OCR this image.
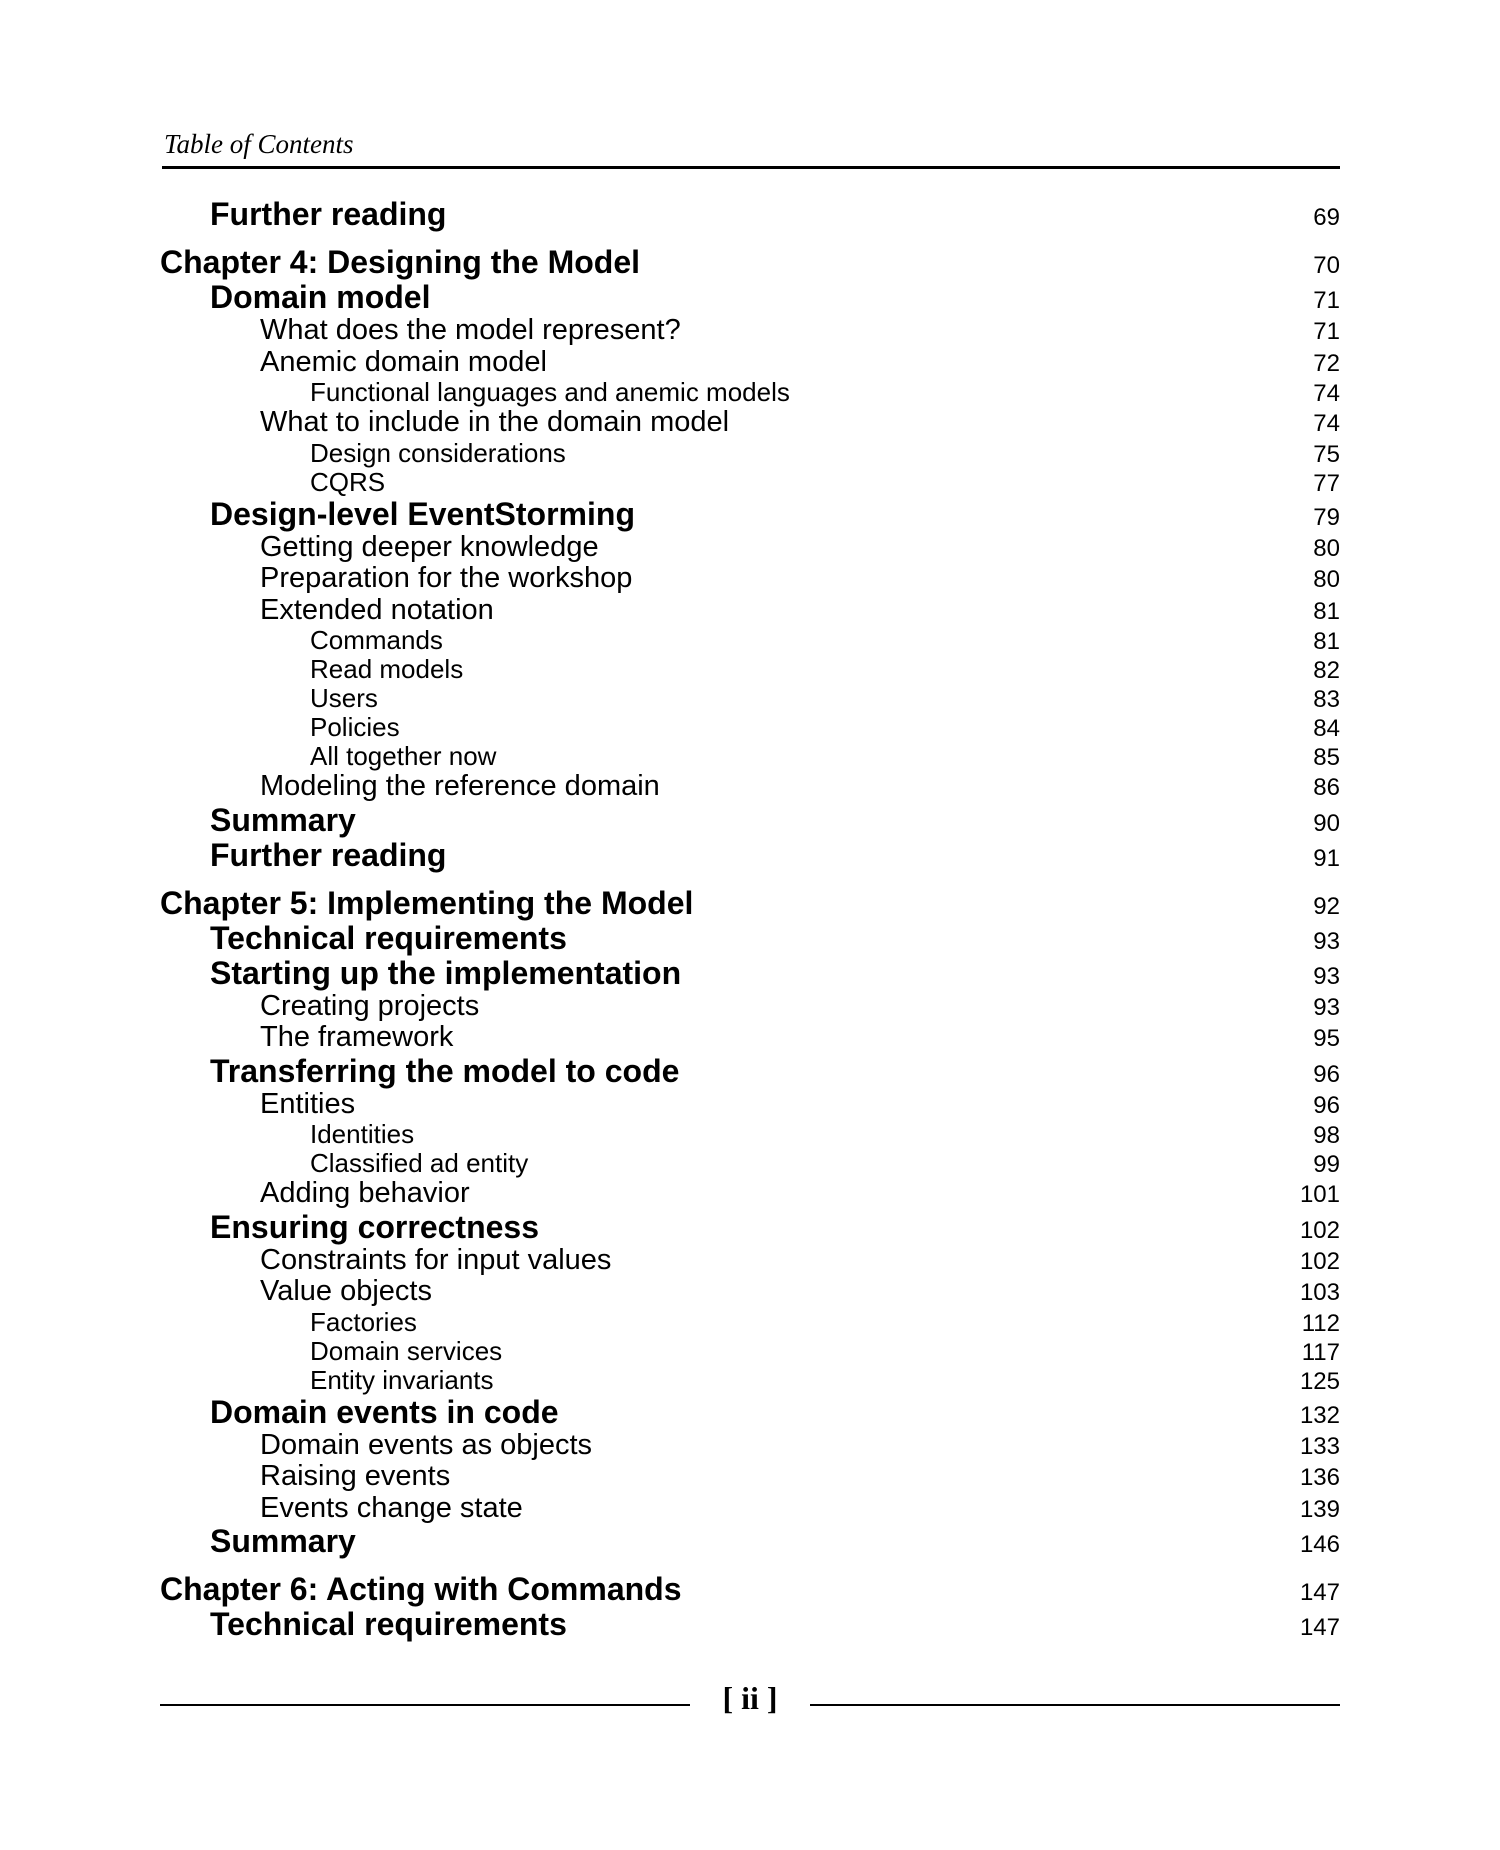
Table of Contents
Further reading	69
Chapter 4: Designing the Model	70
Domain model	71
What does the model represent?	71
Anemic domain model	72
Functional languages and anemic models	74
What to include in the domain model	74
Design considerations	75
CQRS	77
Design-level EventStorming	79
Getting deeper knowledge	80
Preparation for the workshop	80
Extended notation	81
Commands	81
Read models	82
Users	83
Policies	84
All together now	85
Modeling the reference domain	86
Summary	90
Further reading	91
Chapter 5: Implementing the Model	92
Technical requirements	93
Starting up the implementation	93
Creating projects	93
The framework	95
Transferring the model to code	96
Entities	96
Identities	98
Classified ad entity	99
Adding behavior	101
Ensuring correctness	102
Constraints for input values	102
Value objects	103
Factories	112
Domain services	117
Entity invariants	125
Domain events in code	132
Domain events as objects	133
Raising events	136
Events change state	139
Summary	146
Chapter 6: Acting with Commands	147
Technical requirements	147
[ ii ]
